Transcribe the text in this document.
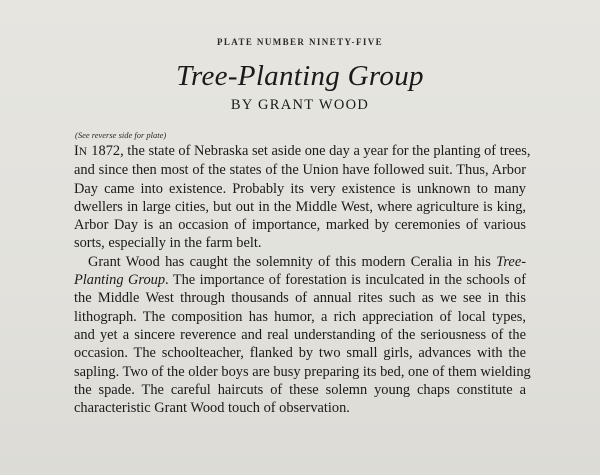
PLATE NUMBER NINETY-FIVE
Tree-Planting Group
BY GRANT WOOD
(See reverse side for plate)
IN 1872, the state of Nebraska set aside one day a year for the planting of trees,
and since then most of the states of the Union have followed suit. Thus, Arbor
Day came into existence. Probably its very existence is unknown to many
dwellers in large cities, but out in the Middle West, where agriculture is king,
Arbor Day is an occasion of importance, marked by ceremonies of various
sorts, especially in the farm belt.
Grant Wood has caught the solemnity of this modern Ceralia in his Tree-
Planting Group. The importance of forestation is inculcated in the schools of
the Middle West through thousands of annual rites such as we see in this
lithograph. The composition has humor, a rich appreciation of local types,
and yet a sincere reverence and real understanding of the seriousness of the
occasion. The schoolteacher, flanked by two small girls, advances with the
sapling. Two of the older boys are busy preparing its bed, one of them wielding
the spade. The careful haircuts of these solemn young chaps constitute a
characteristic Grant Wood touch of observation.
